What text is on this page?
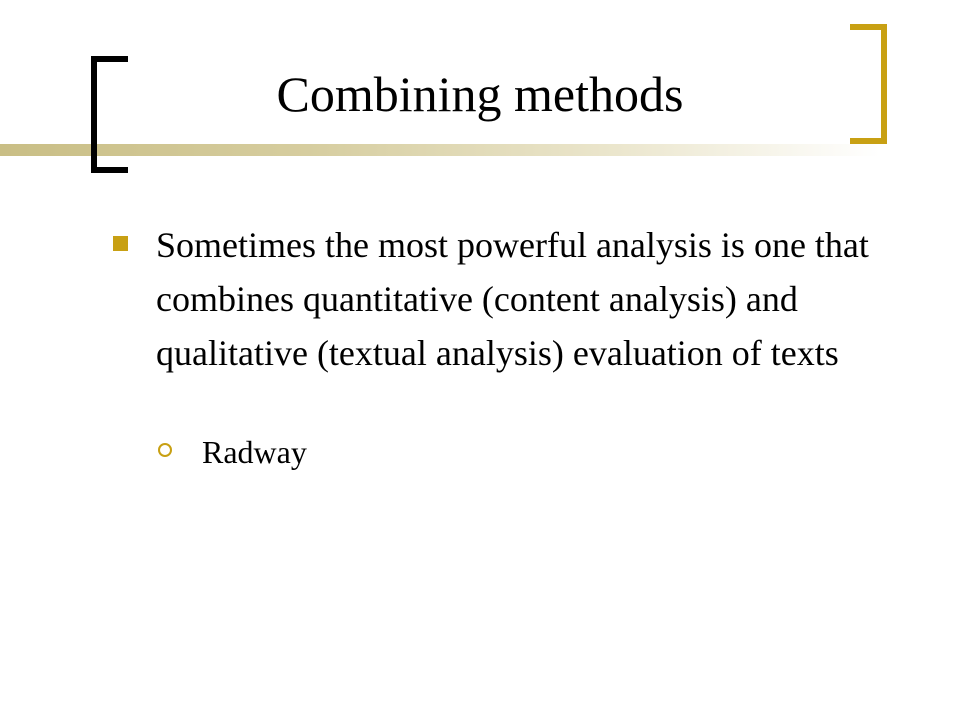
Combining methods
Sometimes the most powerful analysis is one that combines quantitative (content analysis) and qualitative (textual analysis) evaluation of texts
Radway
